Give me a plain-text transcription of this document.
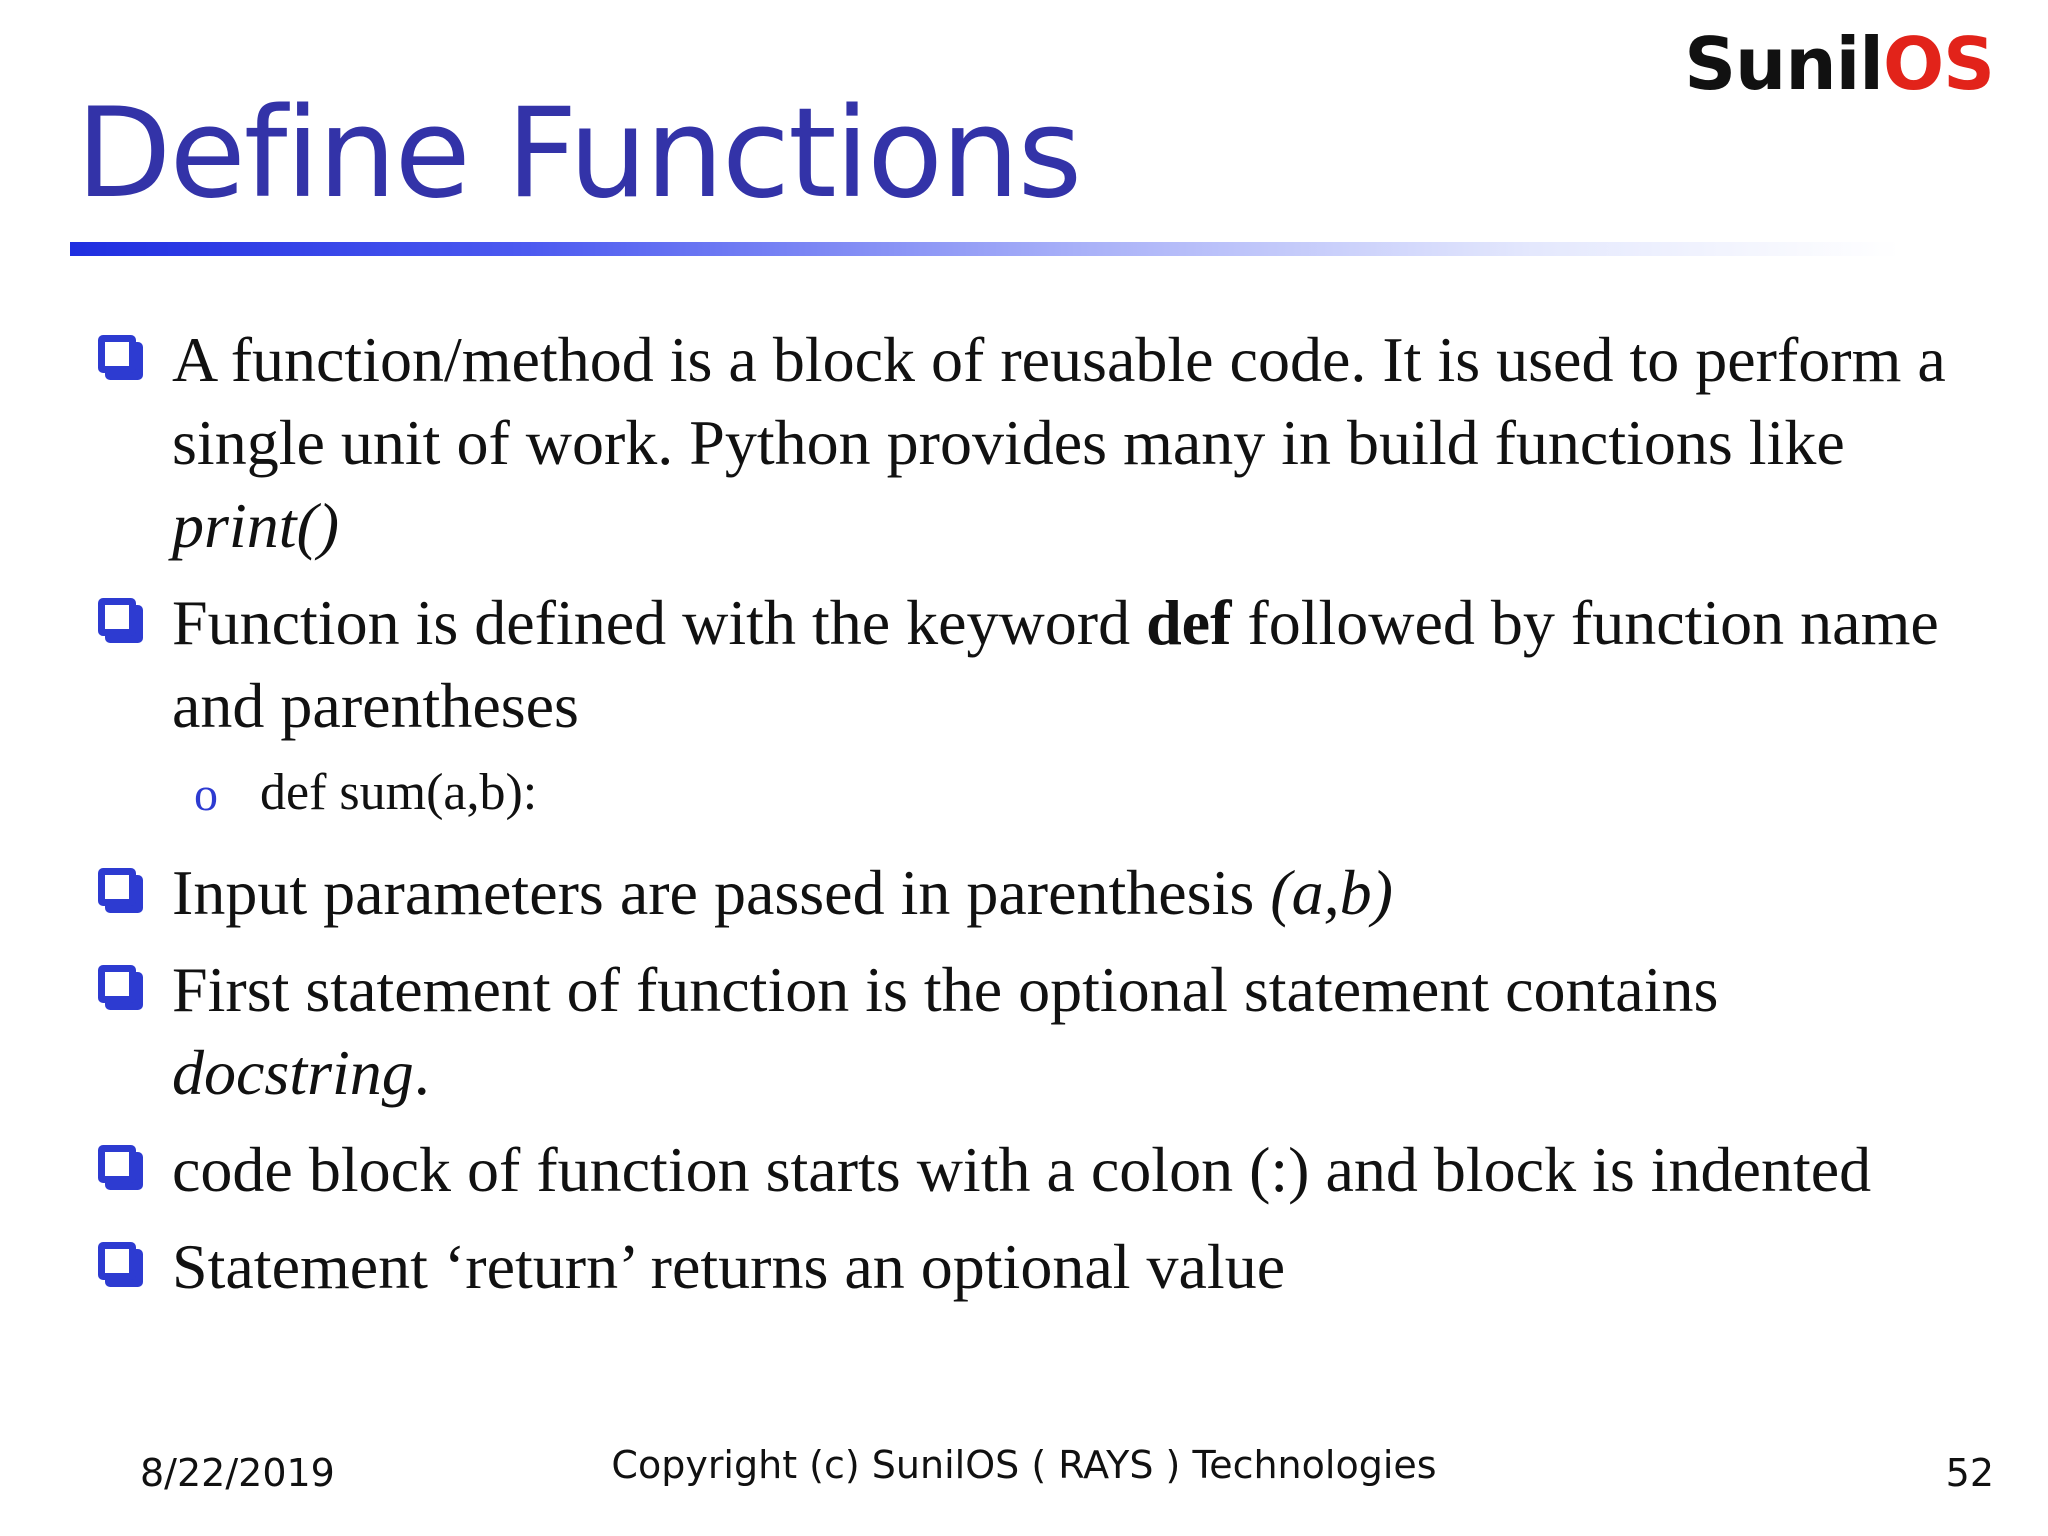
SunilOS
Define Functions
A function/method is a block of reusable code. It is used to perform a single unit of work. Python provides many in build functions like print()
Function is defined with the keyword def followed by function name and parentheses
o def sum(a,b):
Input parameters are passed in parenthesis (a,b)
First statement of function is the optional statement contains docstring.
code block of function starts with a colon (:) and block is indented
Statement ‘return’ returns an optional value
8/22/2019	Copyright (c) SunilOS ( RAYS ) Technologies	52
